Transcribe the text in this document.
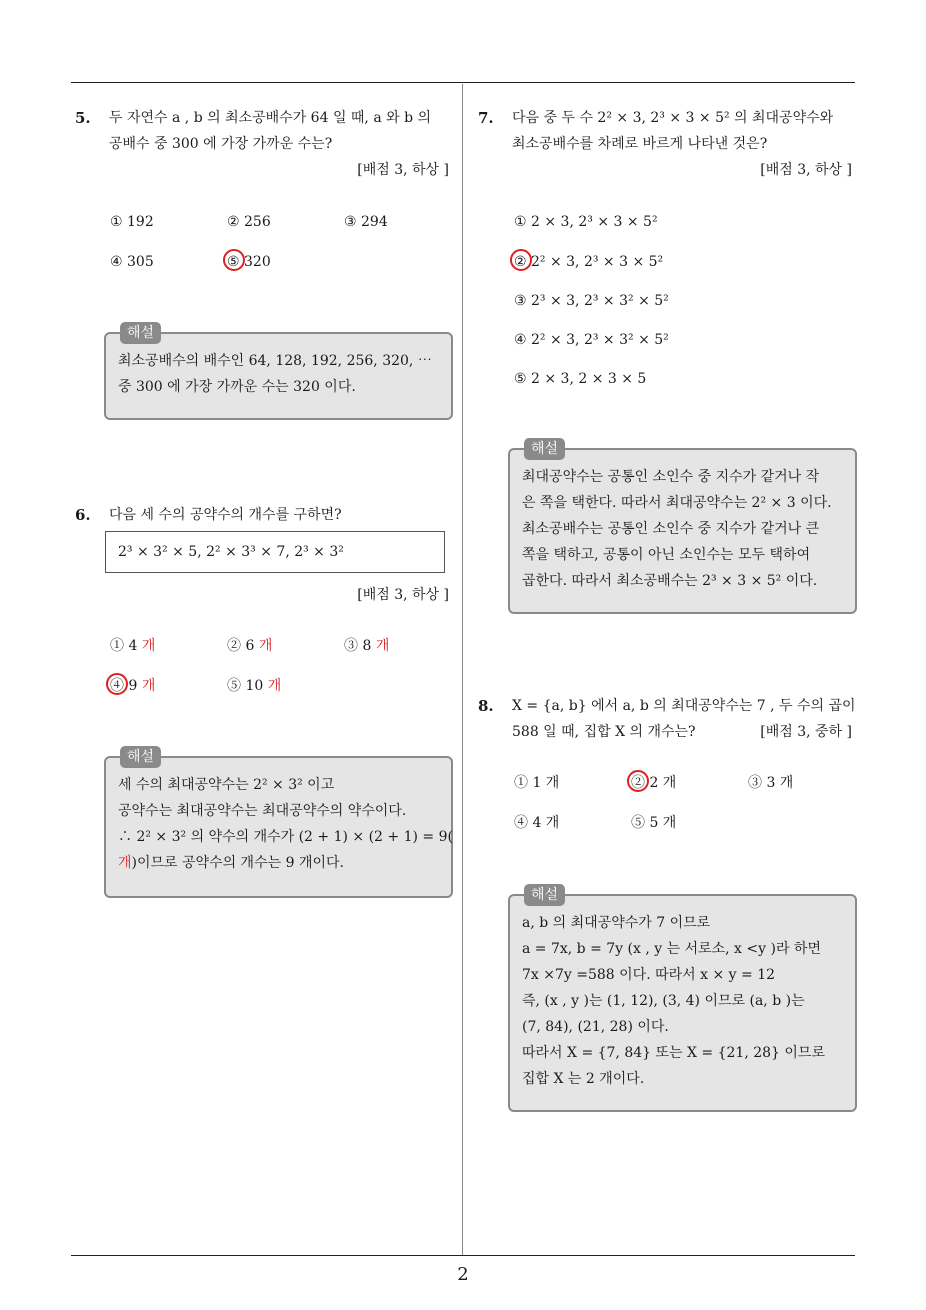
2
5. 두 자연수 a , b 의 최소공배수가 64 일 때, a 와 b 의
공배수 중 300 에 가장 가까운 수는?
[배점 3, 하상 ]
① 192	② 256	③ 294
④ 305	⑤ 320
해설
최소공배수의 배수인 64, 128, 192, 256, 320, ⋯
중 300 에 가장 가까운 수는 320 이다.
6. 다음 세 수의 공약수의 개수를 구하면?
2³ × 3² × 5, 2² × 3³ × 7, 2³ × 3²
[배점 3, 하상 ]
① 4 개	② 6 개	③ 8 개
④ 9 개	⑤ 10 개
해설
세 수의 최대공약수는 2² × 3² 이고
공약수는 최대공약수는 최대공약수의 약수이다.
∴ 2² × 3² 의 약수의 개수가 (2 + 1) × (2 + 1) = 9(
개)이므로 공약수의 개수는 9 개이다.
7. 다음 중 두 수 2² × 3, 2³ × 3 × 5² 의 최대공약수와
최소공배수를 차례로 바르게 나타낸 것은?
[배점 3, 하상 ]
① 2 × 3, 2³ × 3 × 5²
② 2² × 3, 2³ × 3 × 5²
③ 2³ × 3, 2³ × 3² × 5²
④ 2² × 3, 2³ × 3² × 5²
⑤ 2 × 3, 2 × 3 × 5
해설
최대공약수는 공통인 소인수 중 지수가 같거나 작
은 쪽을 택한다. 따라서 최대공약수는 2² × 3 이다.
최소공배수는 공통인 소인수 중 지수가 같거나 큰
쪽을 택하고, 공통이 아닌 소인수는 모두 택하여
곱한다. 따라서 최소공배수는 2³ × 3 × 5² 이다.
8. X = {a, b} 에서 a, b 의 최대공약수는 7 , 두 수의 곱이
588 일 때, 집합 X 의 개수는?	[배점 3, 중하 ]
① 1 개	② 2 개	③ 3 개
④ 4 개	⑤ 5 개
해설
a, b 의 최대공약수가 7 이므로
a = 7x, b = 7y (x , y 는 서로소, x <y )라 하면
7x ×7y =588 이다. 따라서 x × y = 12
즉, (x , y )는 (1, 12), (3, 4) 이므로 (a, b )는
(7, 84), (21, 28) 이다.
따라서 X = {7, 84} 또는 X = {21, 28} 이므로
집합 X 는 2 개이다.
